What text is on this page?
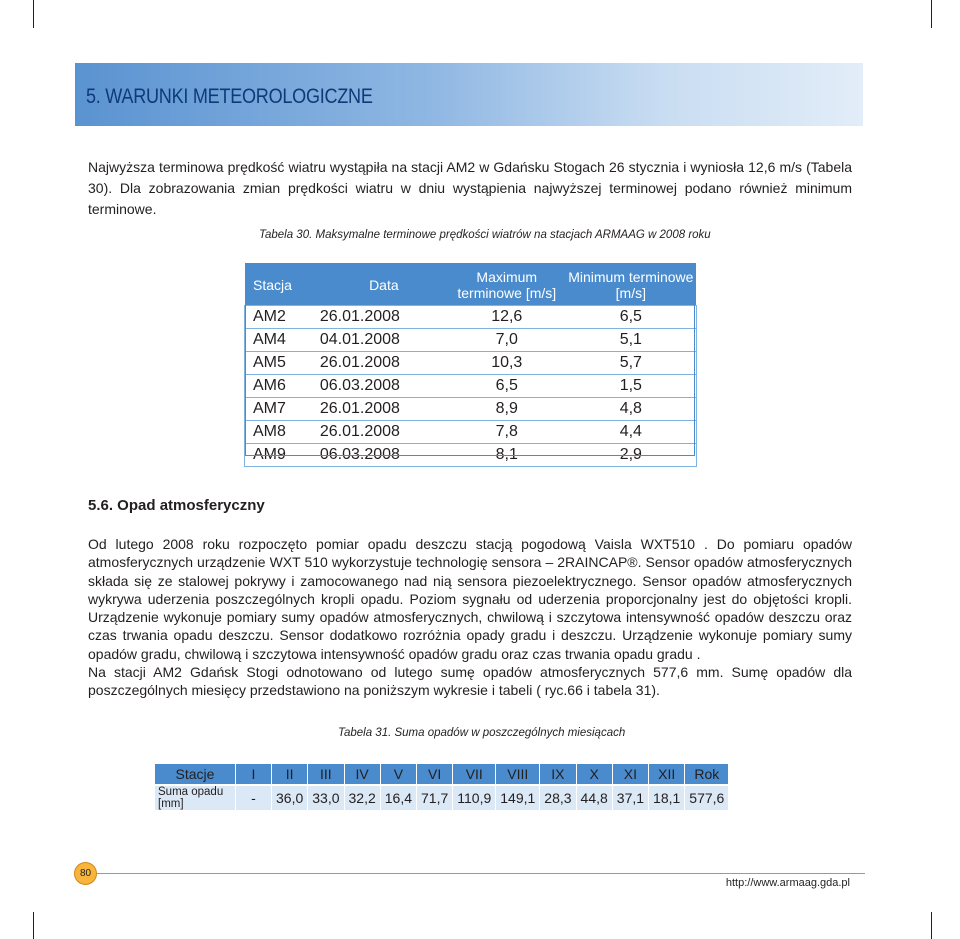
5. WARUNKI METEOROLOGICZNE

Najwyższa terminowa prędkość wiatru wystąpiła na stacji AM2 w Gdańsku Stogach 26 stycznia i wyniosła 12,6 m/s (Tabela 30). Dla zobrazowania zmian prędkości wiatru w dniu wystąpienia najwyższej terminowej podano również minimum terminowe.

Tabela 30. Maksymalne terminowe prędkości wiatrów na stacjach ARMAAG w 2008 roku
Stacja	Data	Maximum terminowe [m/s]	Minimum terminowe [m/s]
AM2	26.01.2008	12,6	6,5
AM4	04.01.2008	7,0	5,1
AM5	26.01.2008	10,3	5,7
AM6	06.03.2008	6,5	1,5
AM7	26.01.2008	8,9	4,8
AM8	26.01.2008	7,8	4,4
AM9	06.03.2008	8,1	2,9
5.6. Opad atmosferyczny

Od lutego 2008 roku rozpoczęto pomiar opadu deszczu stacją pogodową Vaisla WXT510 . Do pomiaru opadów atmosferycznych urządzenie WXT 510 wykorzystuje technologię sensora – 2RAINCAP®. Sensor opadów atmosferycznych składa się ze stalowej pokrywy i zamocowanego nad nią sensora piezoelektrycznego. Sensor opadów atmosferycznych wykrywa uderzenia poszczególnych kropli opadu. Poziom sygnału od uderzenia proporcjonalny jest do objętości kropli. Urządzenie wykonuje pomiary sumy opadów atmosferycznych, chwilową i szczytowa intensywność opadów deszczu oraz czas trwania opadu deszczu. Sensor dodatkowo rozróżnia opady gradu i deszczu. Urządzenie wykonuje pomiary sumy opadów gradu, chwilową i szczytowa intensywność opadów gradu oraz czas trwania opadu gradu .

Na stacji AM2 Gdańsk Stogi odnotowano od lutego sumę opadów atmosferycznych 577,6 mm. Sumę opadów dla poszczególnych miesięcy przedstawiono na poniższym wykresie i tabeli ( ryc.66 i tabela 31).

Tabela 31. Suma opadów w poszczególnych miesiącach
Stacje	I	II	III	IV	V	VI	VII	VIII	IX	X	XI	XII	Rok
Suma opadu [mm]	-	36,0	33,0	32,2	16,4	71,7	110,9	149,1	28,3	44,8	37,1	18,1	577,6
80
http://www.armaag.gda.pl
